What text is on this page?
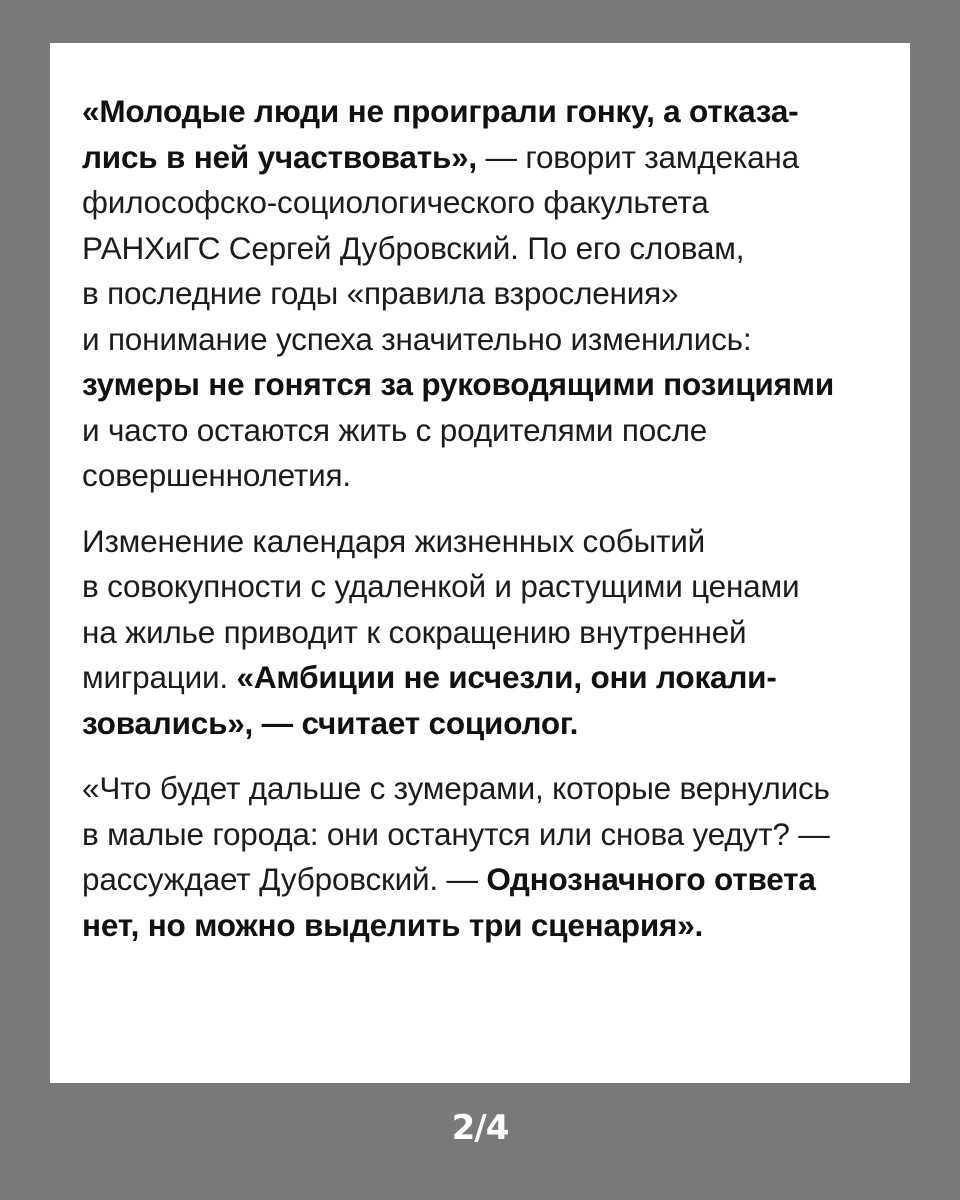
«Молодые люди не проиграли гонку, а отказа-
лись в ней участвовать», — говорит замдекана
философско-социологического факультета
РАНХиГС Сергей Дубровский. По его словам,
в последние годы «правила взросления»
и понимание успеха значительно изменились:
зумеры не гонятся за руководящими позициями
и часто остаются жить с родителями после
совершеннолетия.

Изменение календаря жизненных событий
в совокупности с удаленкой и растущими ценами
на жилье приводит к сокращению внутренней
миграции. «Амбиции не исчезли, они локали-
зовались», — считает социолог.

«Что будет дальше с зумерами, которые вернулись
в малые города: они останутся или снова уедут? —
рассуждает Дубровский. — Однозначного ответа
нет, но можно выделить три сценария».

2/4
